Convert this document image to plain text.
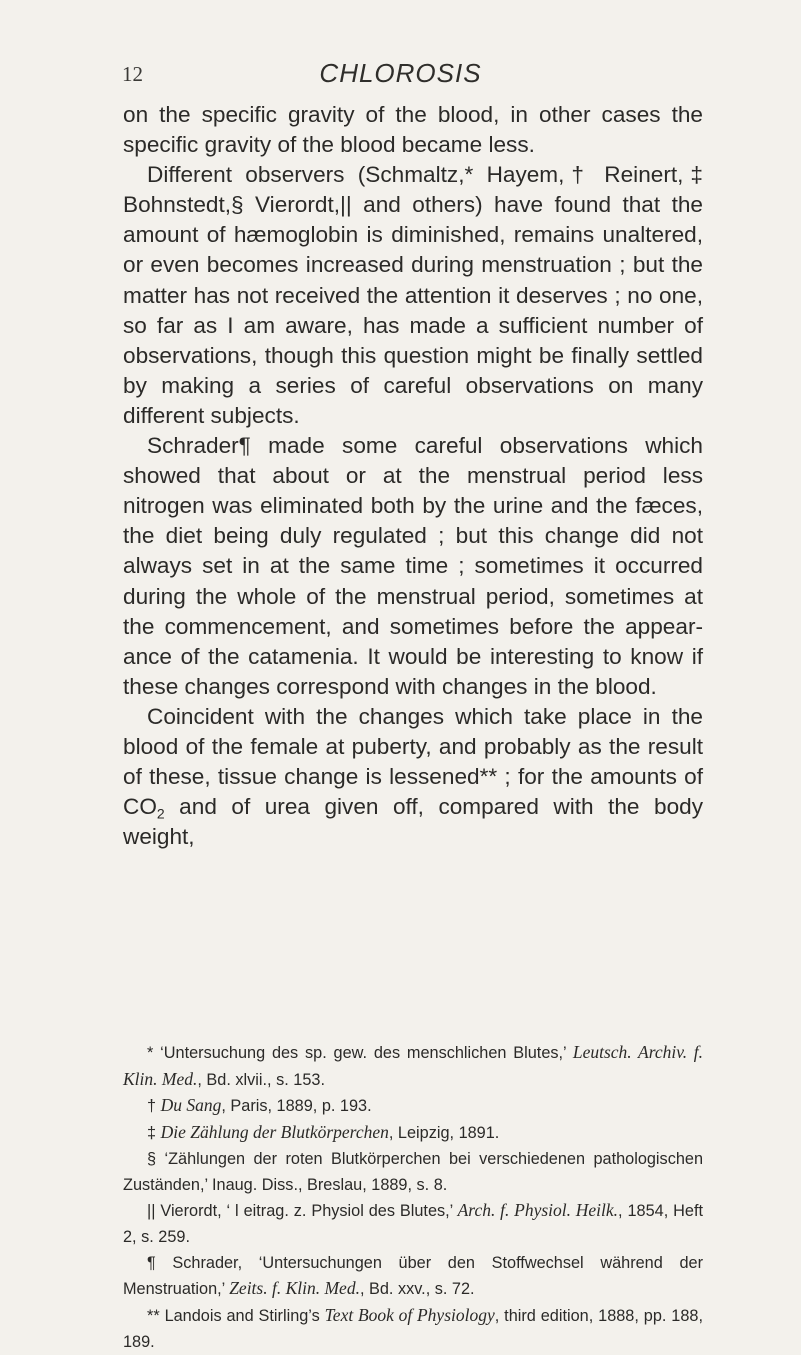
12	CHLOROSIS

on the specific gravity of the blood, in other cases the specific gravity of the blood became less.

Different observers (Schmaltz,* Hayem,† Reinert,‡ Bohnstedt,§ Vierordt,|| and others) have found that the amount of hæmoglobin is diminished, remains unaltered, or even becomes increased during menstruation ; but the matter has not received the attention it deserves ; no one, so far as I am aware, has made a sufficient number of observations, though this question might be finally settled by making a series of careful observations on many different subjects.

Schrader¶ made some careful observations which showed that about or at the menstrual period less nitrogen was eliminated both by the urine and the fæces, the diet being duly regulated ; but this change did not always set in at the same time ; sometimes it occurred during the whole of the menstrual period, sometimes at the commencement, and sometimes before the appearance of the catamenia. It would be interesting to know if these changes correspond with changes in the blood.

Coincident with the changes which take place in the blood of the female at puberty, and probably as the result of these, tissue change is lessened** ; for the amounts of $CO_2$ and of urea given off, compared with the body weight,

* ‘Untersuchung des sp. gew. des menschlichen Blutes,’ Leutsch. Archiv. f. Klin. Med., Bd. xlvii., s. 153.

† Du Sang, Paris, 1889, p. 193.

‡ Die Zählung der Blutkörperchen, Leipzig, 1891.

§ ‘Zählungen der roten Blutkörperchen bei verschiedenen pathologischen Zuständen,’ Inaug. Diss., Breslau, 1889, s. 8.

|| Vierordt, ‘ l eitrag. z. Physiol des Blutes,’ Arch. f. Physiol. Heilk., 1854, Heft 2, s. 259.

¶ Schrader, ‘Untersuchungen über den Stoffwechsel während der Menstruation,’ Zeits. f. Klin. Med., Bd. xxv., s. 72.

** Landois and Stirling’s Text Book of Physiology, third edition, 1888, pp. 188, 189.
